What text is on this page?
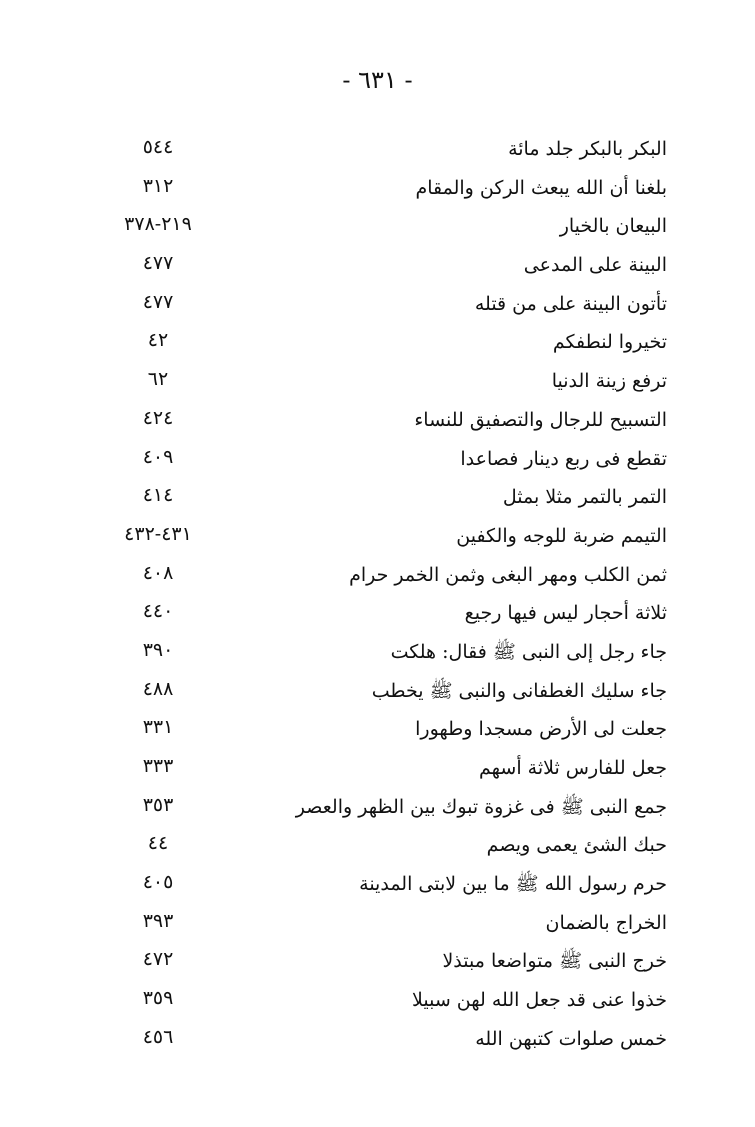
- ٦٣١ -
البكر بالبكر جلد مائة
٥٤٤
بلغنا أن الله يبعث الركن والمقام
٣١٢
البيعان بالخيار
٢١٩-٣٧٨
البينة على المدعى
٤٧٧
تأتون البينة على من قتله
٤٧٧
تخيروا لنطفكم
٤٢
ترفع زينة الدنيا
٦٢
التسبيح للرجال والتصفيق للنساء
٤٢٤
تقطع فى ربع دينار فصاعدا
٤٠٩
التمر بالتمر مثلا بمثل
٤١٤
التيمم ضربة للوجه والكفين
٤٣١-٤٣٢
ثمن الكلب ومهر البغى وثمن الخمر حرام
٤٠٨
ثلاثة أحجار ليس فيها رجيع
٤٤٠
جاء رجل إلى النبى ﷺ فقال: هلكت
٣٩٠
جاء سليك الغطفانى والنبى ﷺ يخطب
٤٨٨
جعلت لى الأرض مسجدا وطهورا
٣٣١
جعل للفارس ثلاثة أسهم
٣٣٣
جمع النبى ﷺ فى غزوة تبوك بين الظهر والعصر
٣٥٣
حبك الشئ يعمى ويصم
٤٤
حرم رسول الله ﷺ ما بين لابتى المدينة
٤٠٥
الخراج بالضمان
٣٩٣
خرج النبى ﷺ متواضعا مبتذلا
٤٧٢
خذوا عنى قد جعل الله لهن سبيلا
٣٥٩
خمس صلوات كتبهن الله
٤٥٦
